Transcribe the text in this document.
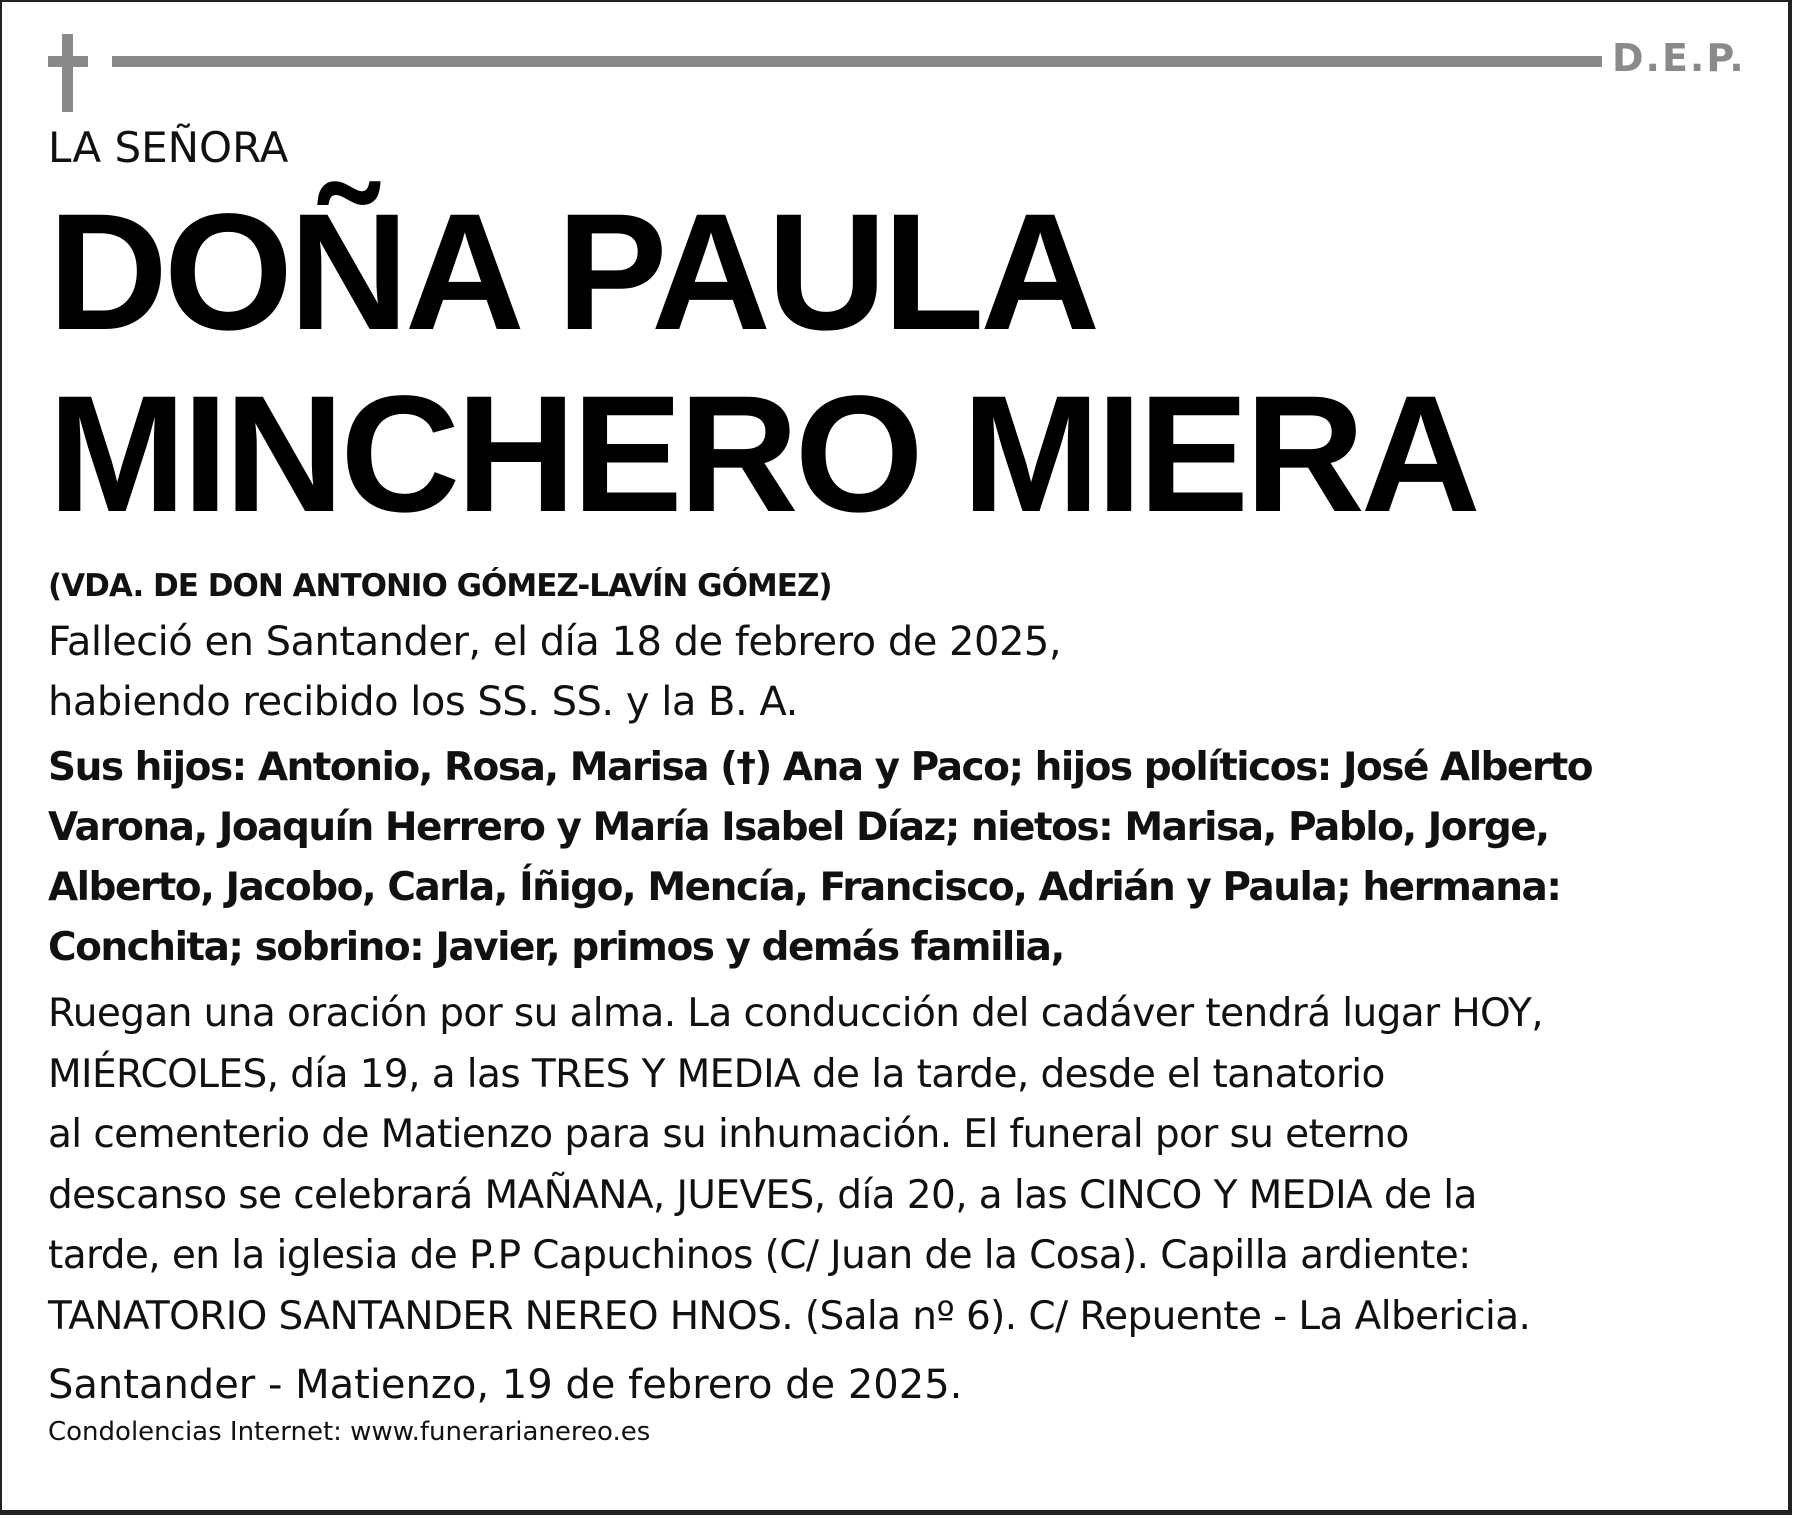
D.E.P.

LA SEÑORA

DOÑA PAULA
MINCHERO MIERA

(VDA. DE DON ANTONIO GÓMEZ-LAVÍN GÓMEZ)

Falleció en Santander, el día 18 de febrero de 2025,
habiendo recibido los SS. SS. y la B. A.
Sus hijos: Antonio, Rosa, Marisa (†) Ana y Paco; hijos políticos: José Alberto
Varona, Joaquín Herrero y María Isabel Díaz; nietos: Marisa, Pablo, Jorge,
Alberto, Jacobo, Carla, Íñigo, Mencía, Francisco, Adrián y Paula; hermana:
Conchita; sobrino: Javier, primos y demás familia,
Ruegan una oración por su alma. La conducción del cadáver tendrá lugar HOY,
MIÉRCOLES, día 19, a las TRES Y MEDIA de la tarde, desde el tanatorio
al cementerio de Matienzo para su inhumación. El funeral por su eterno
descanso se celebrará MAÑANA, JUEVES, día 20, a las CINCO Y MEDIA de la
tarde, en la iglesia de P.P Capuchinos (C/ Juan de la Cosa). Capilla ardiente:
TANATORIO SANTANDER NEREO HNOS. (Sala nº 6). C/ Repuente - La Albericia.

Santander - Matienzo, 19 de febrero de 2025.

Condolencias Internet: www.funerarianereo.es
